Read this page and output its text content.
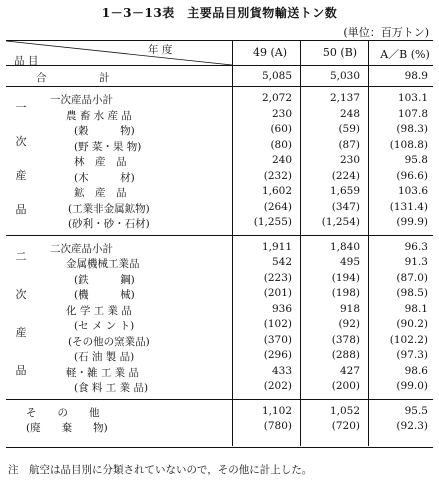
1－3－13表　主要品目別貨物輸送トン数
(単位：百万トン)
年 度
品 目
49 (A)	50 (B)	A／B (%)
合　　　　　計	5,085	5,030	98.9
一
次
産
品
一次産品小計	2,072	2,137	103.1
農 畜 水 産 品	230	248	107.8
(穀　　　物)	(60)	(59)	(98.3)
(野 菜・果 物)	(80)	(87)	(108.8)
林　産　品	240	230	95.8
(木　　　材)	(232)	(224)	(96.6)
鉱　産　品	1,602	1,659	103.6
(工業非金属鉱物)	(264)	(347)	(131.4)
(砂利・砂・石材)	(1,255)	(1,254)	(99.9)
二
次
産
品
二次産品小計	1,911	1,840	96.3
金属機械工業品	542	495	91.3
(鉄　　　鋼)	(223)	(194)	(87.0)
(機　　　械)	(201)	(198)	(98.5)
化 学 工 業 品	936	918	98.1
(セ メ ン ト)	(102)	(92)	(90.2)
(その他の窯業品)	(370)	(378)	(102.2)
(石 油 製 品)	(296)	(288)	(97.3)
軽・雑 工 業 品	433	427	98.6
(食 料 工 業 品)	(202)	(200)	(99.0)
そ　　の　　他	1,102	1,052	95.5
(廃　　棄　　物)	(780)	(720)	(92.3)
注　航空は品目別に分類されていないので，その他に計上した。
